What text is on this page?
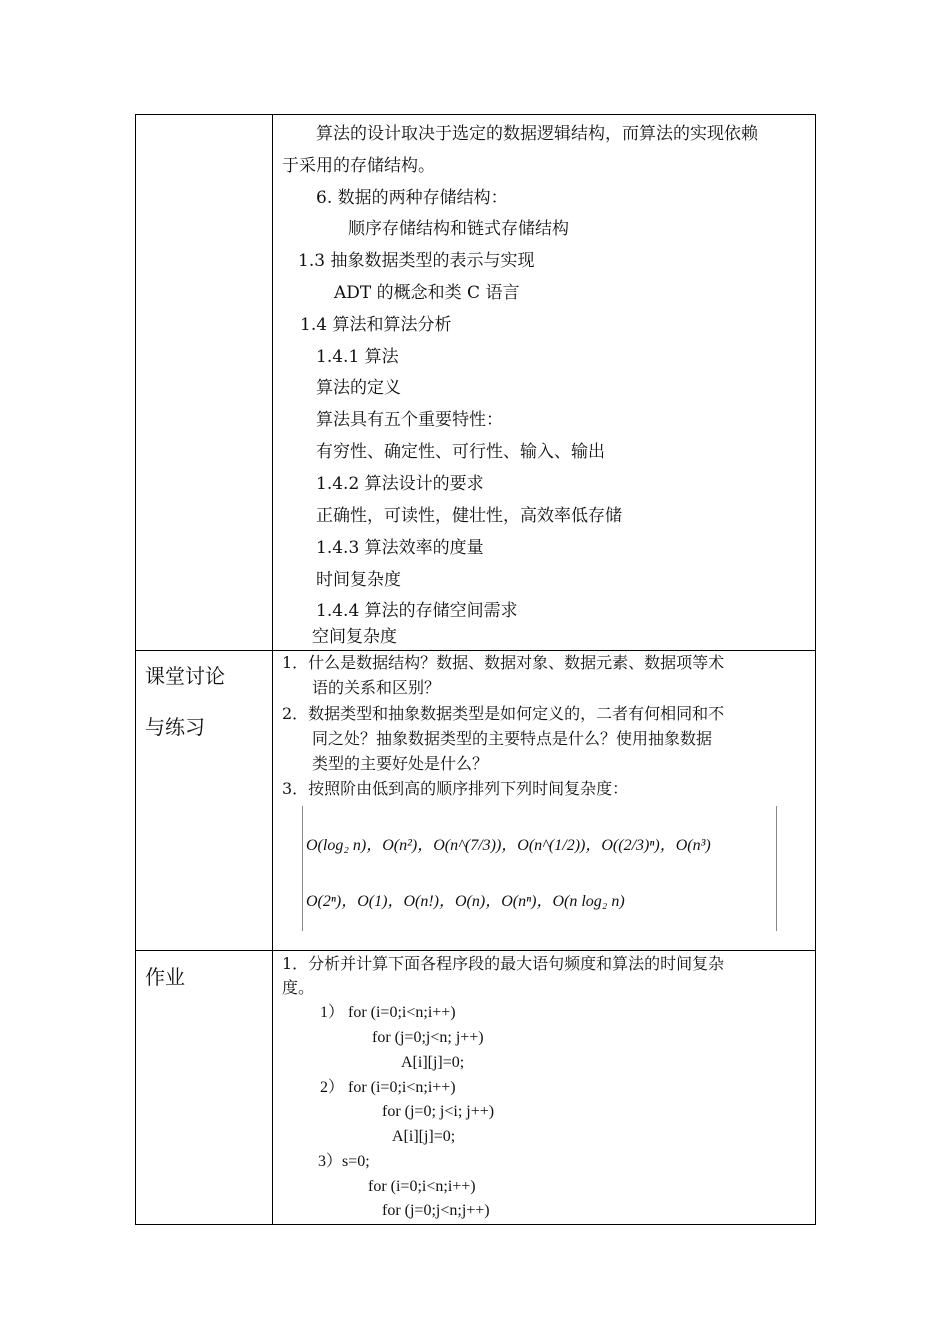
算法的设计取决于选定的数据逻辑结构，而算法的实现依赖
于采用的存储结构。
6. 数据的两种存储结构：
顺序存储结构和链式存储结构
1.3 抽象数据类型的表示与实现
ADT 的概念和类 C 语言
1.4 算法和算法分析
1.4.1 算法
算法的定义
算法具有五个重要特性：
有穷性、确定性、可行性、输入、输出
1.4.2 算法设计的要求
正确性，可读性，健壮性，高效率低存储
1.4.3 算法效率的度量
时间复杂度
1.4.4 算法的存储空间需求
空间复杂度
课堂讨论
与练习
1．什么是数据结构？数据、数据对象、数据元素、数据项等术
语的关系和区别？
2．数据类型和抽象数据类型是如何定义的，二者有何相同和不
同之处？抽象数据类型的主要特点是什么？使用抽象数据
类型的主要好处是什么？
3．按照阶由低到高的顺序排列下列时间复杂度：
O(log₂ n)，O(n²)，O(n^(7/3))，O(n^(1/2))，O((2/3)ⁿ)，O(n³)
O(2ⁿ)，O(1)，O(n!)，O(n)，O(nⁿ)，O(n log₂ n)
作业
1．分析并计算下面各程序段的最大语句频度和算法的时间复杂
度。
1） for (i=0;i<n;i++)
for (j=0;j<n; j++)
A[i][j]=0;
2） for (i=0;i<n;i++)
for (j=0; j<i; j++)
A[i][j]=0;
3）s=0;
for (i=0;i<n;i++)
for (j=0;j<n;j++)
